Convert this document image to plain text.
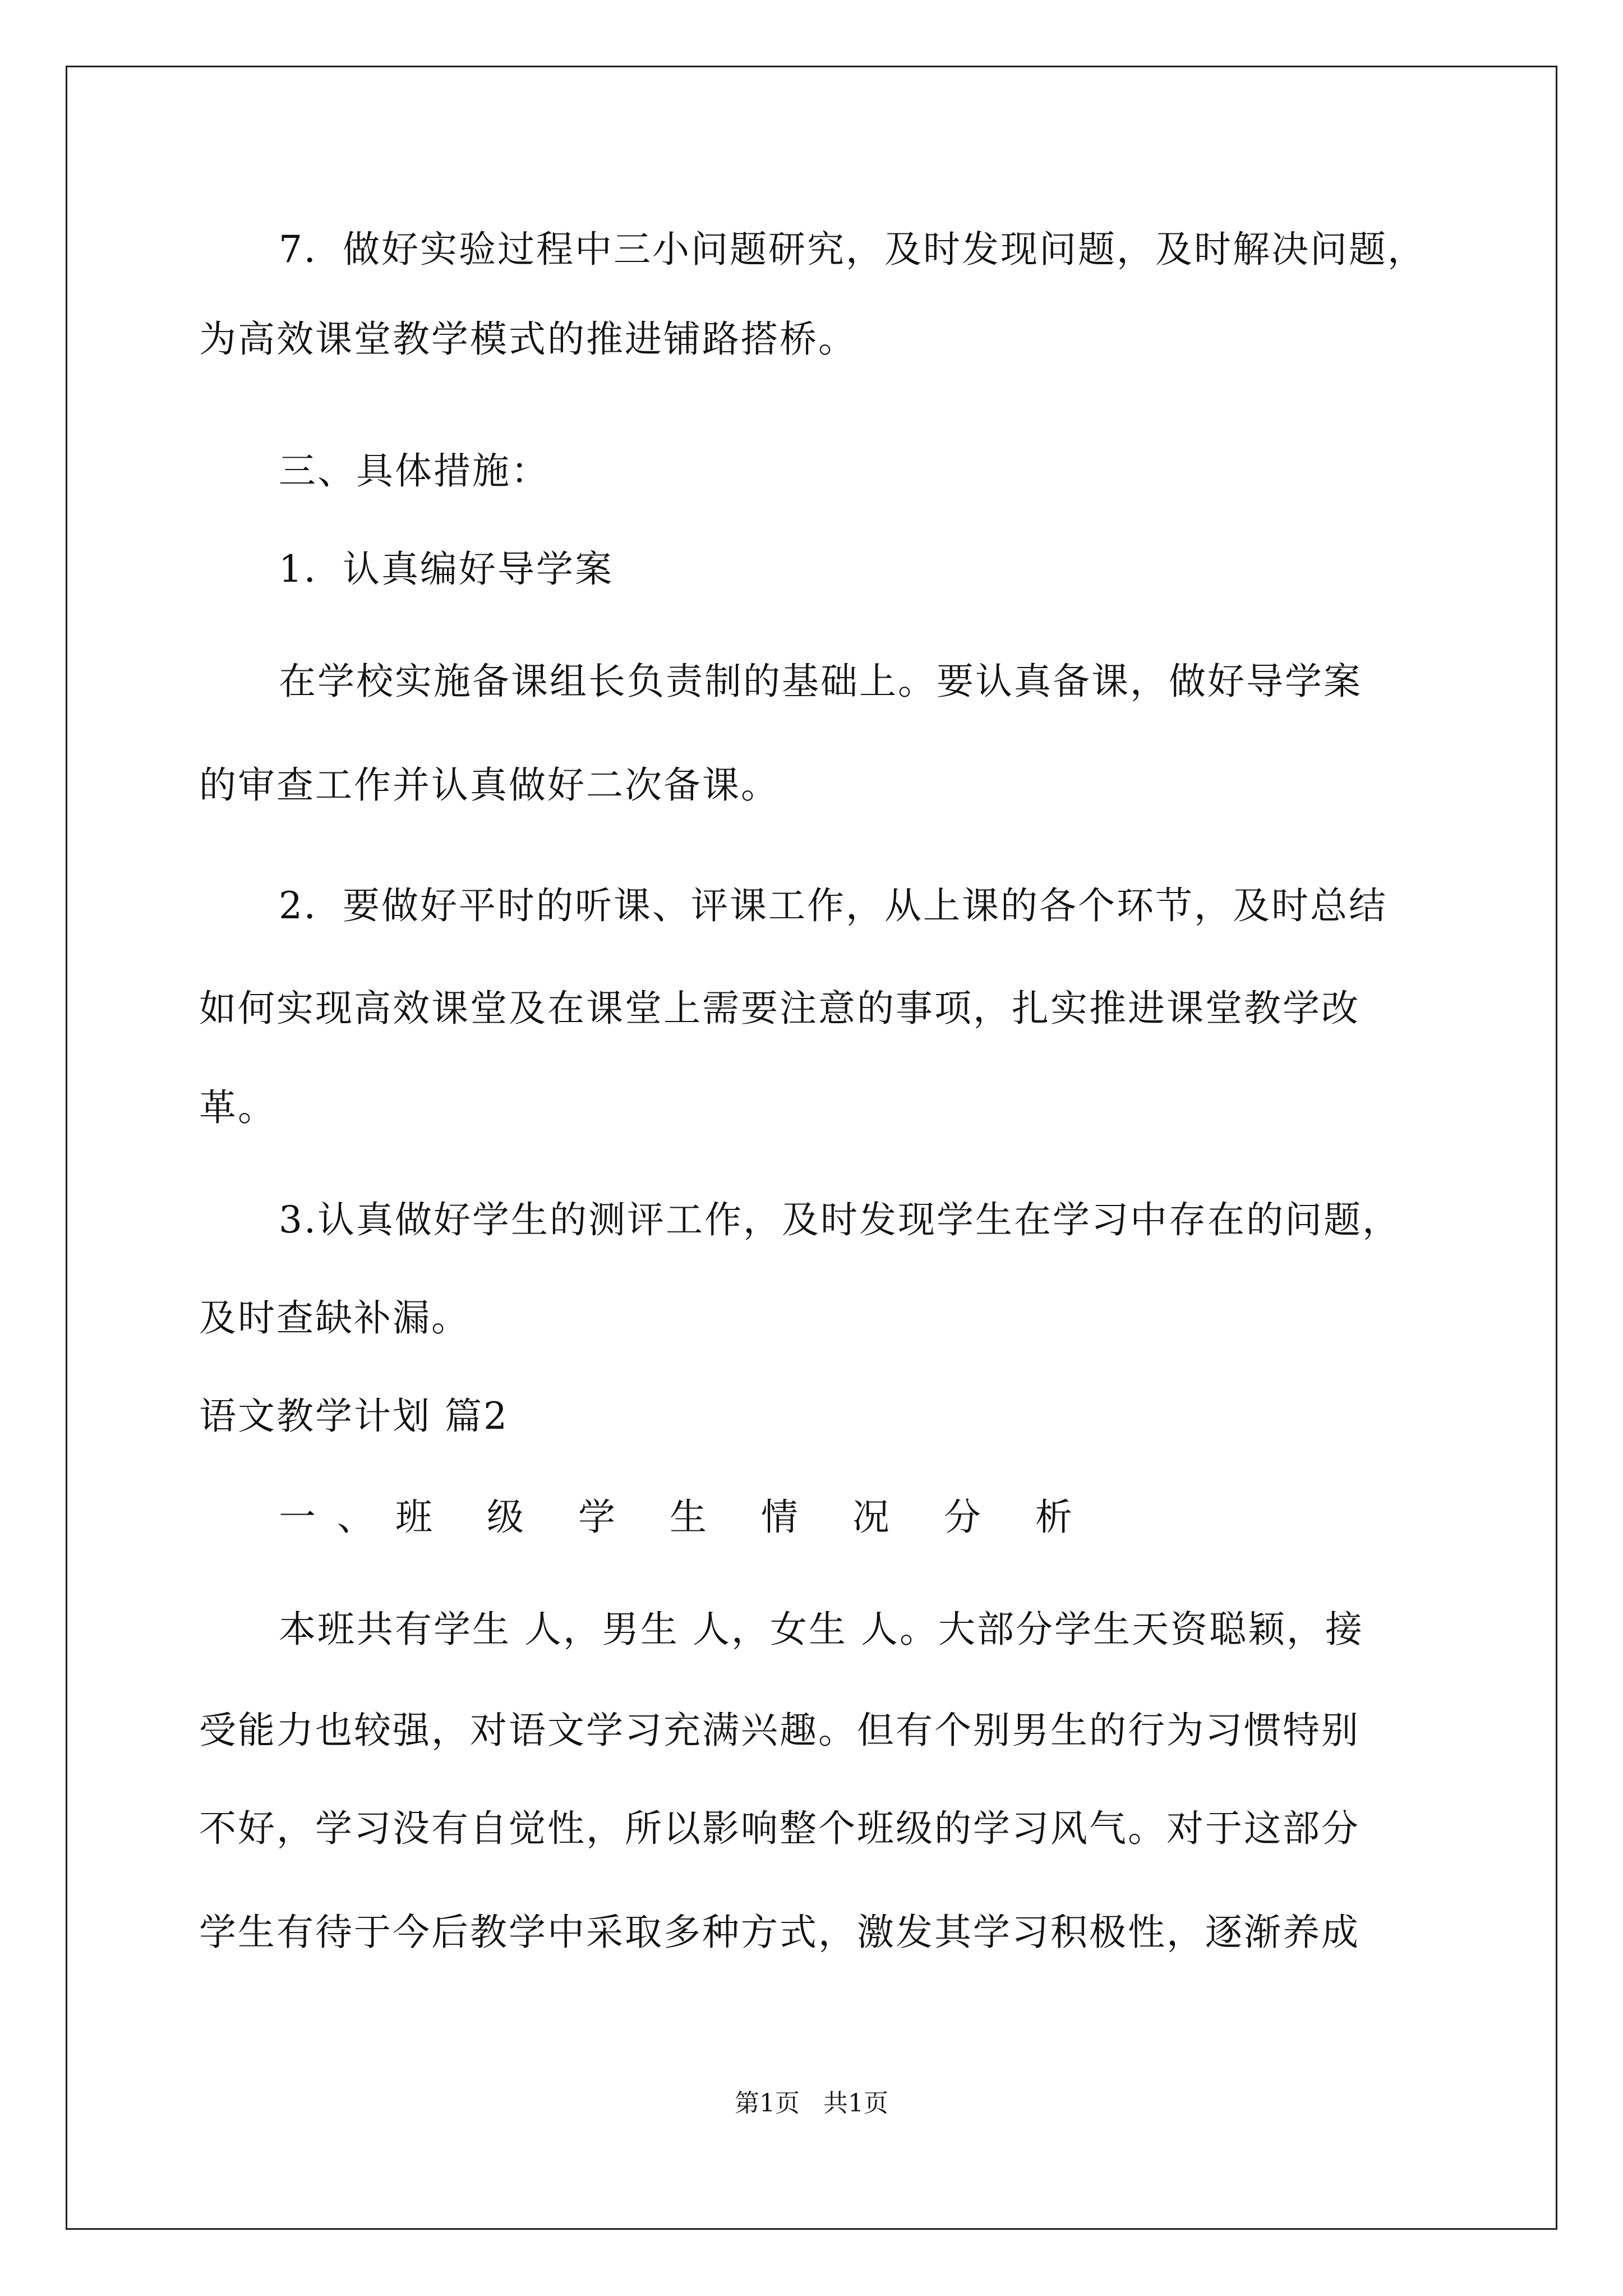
7．做好实验过程中三小问题研究，及时发现问题，及时解决问题，
为高效课堂教学模式的推进铺路搭桥。
三、具体措施：
1．认真编好导学案
在学校实施备课组长负责制的基础上。要认真备课，做好导学案
的审查工作并认真做好二次备课。
2．要做好平时的听课、评课工作，从上课的各个环节，及时总结
如何实现高效课堂及在课堂上需要注意的事项，扎实推进课堂教学改
革。
3.认真做好学生的测评工作，及时发现学生在学习中存在的问题，
及时查缺补漏。
语文教学计划 篇2
一、班 级 学 生 情 况 分 析
本班共有学生 人，男生 人，女生 人。大部分学生天资聪颖，接
受能力也较强，对语文学习充满兴趣。但有个别男生的行为习惯特别
不好，学习没有自觉性，所以影响整个班级的学习风气。对于这部分
学生有待于今后教学中采取多种方式，激发其学习积极性，逐渐养成
第1页 共1页
